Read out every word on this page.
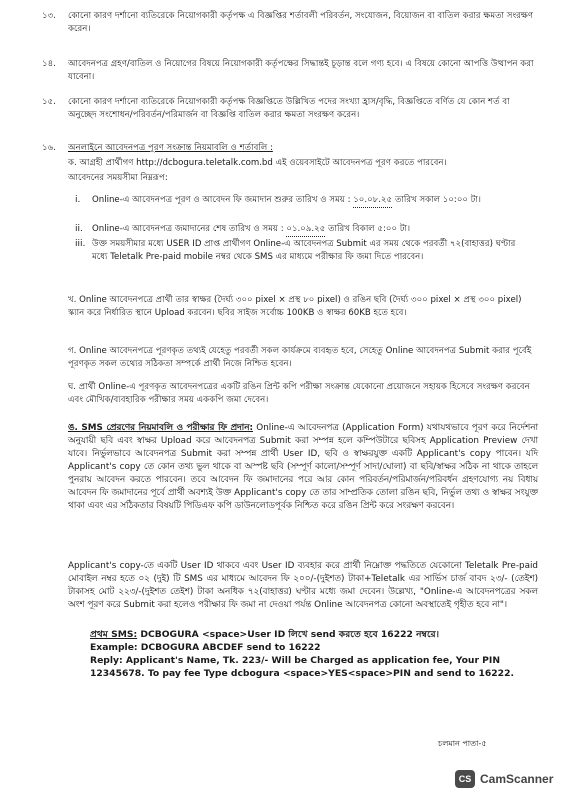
১৩. কোনো কারণ দর্শানো ব্যতিরেকে নিয়োগকারী কর্তৃপক্ষ এ বিজ্ঞপ্তির শর্তাবলী পরিবর্তন, সংযোজন, বিয়োজন বা বাতিল করার ক্ষমতা সংরক্ষণ করেন।
১৪. আবেদনপত্র গ্রহণ/বাতিল ও নিয়োগের বিষয়ে নিয়োগকারী কর্তৃপক্ষের সিদ্ধান্তই চূড়ান্ত বলে গণ্য হবে। এ বিষয়ে কোনো আপত্তি উত্থাপন করা যাবেনা।
১৫. কোনো কারণ দর্শানো ব্যতিরেকে নিয়োগকারী কর্তৃপক্ষ বিজ্ঞপ্তিতে উল্লিখিত পদের সংখ্যা হ্রাস/বৃদ্ধি, বিজ্ঞপ্তিতে বর্ণিত যে কোন শর্ত বা অনুচ্ছেদ সংশোধন/পরিবর্তন/পরিমার্জন বা বিজ্ঞপ্তি বাতিল করার ক্ষমতা সংরক্ষণ করেন।
১৬. অনলাইনে আবেদনপত্র পূরণ সংক্রান্ত নিয়মাবলি ও শর্তাবলি :
ক. আগ্রহী প্রার্থীগণ http://dcbogura.teletalk.com.bd এই ওয়েবসাইটে আবেদনপত্র পূরণ করতে পারবেন।
আবেদনের সময়সীমা নিম্নরূপ:
i. Online-এ আবেদনপত্র পূরণ ও আবেদন ফি জমাদান শুরুর তারিখ ও সময় : ১০.০৮.২৫ তারিখ সকাল ১০:০০ টা।
ii. Online-এ আবেদনপত্র জমাদানের শেষ তারিখ ও সময় : ০১.০৯.২৫ তারিখ বিকাল ৫:০০ টা।
iii. উক্ত সময়সীমার মধ্যে USER ID প্রাপ্ত প্রার্থীগণ Online-এ আবেদনপত্র Submit এর সময় থেকে পরবর্তী ৭২(বাহাত্তর) ঘণ্টার মধ্যে Teletalk Pre-paid mobile নম্বর থেকে SMS এর মাধ্যমে পরীক্ষার ফি জমা দিতে পারবেন।
খ. Online আবেদনপত্রে প্রার্থী তার স্বাক্ষর (দৈর্ঘ্য ৩০০ pixel × প্রস্থ ৮০ pixel) ও রঙিন ছবি (দৈর্ঘ্য ৩০০ pixel × প্রস্থ ৩০০ pixel) স্ক্যান করে নির্ধারিত স্থানে Upload করবেন। ছবির সাইজ সর্বোচ্চ 100KB ও স্বাক্ষর 60KB হতে হবে।
গ. Online আবেদনপত্রে পূরণকৃত তথ্যই যেহেতু পরবর্তী সকল কার্যক্রমে ব্যবহৃত হবে, সেহেতু Online আবেদনপত্র Submit করার পূর্বেই পূরণকৃত সকল তথ্যের সঠিকতা সম্পর্কে প্রার্থী নিজে নিশ্চিত হবেন।
ঘ. প্রার্থী Online-এ পূরণকৃত আবেদনপত্রের একটি রঙিন প্রিন্ট কপি পরীক্ষা সংক্রান্ত যেকোনো প্রয়োজনে সহায়ক হিসেবে সংরক্ষণ করবেন এবং মৌখিক/ব্যবহারিক পরীক্ষার সময় এককপি জমা দেবেন।
ঙ. SMS প্রেরণের নিয়মাবলি ও পরীক্ষার ফি প্রদান: Online-এ আবেদনপত্র (Application Form) যথাযথভাবে পূরণ করে নির্দেশনা অনুযায়ী ছবি এবং স্বাক্ষর Upload করে আবেদনপত্র Submit করা সম্পন্ন হলে কম্পিউটারে ছবিসহ Application Preview দেখা যাবে। নির্ভুলভাবে আবেদনপত্র Submit করা সম্পন্ন প্রার্থী User ID, ছবি ও স্বাক্ষরযুক্ত একটি Applicant's copy পাবেন। যদি Applicant's copy তে কোন তথ্য ভুল থাকে বা অস্পষ্ট ছবি (সম্পূর্ণ কালো/সম্পূর্ণ সাদা/ঘোলা) বা ছবি/স্বাক্ষর সঠিক না থাকে তাহলে পুনরায় আবেদন করতে পারবেন। তবে আবেদন ফি জমাদানের পরে আর কোন পরিবর্তন/পরিমার্জন/পরিবর্ধন গ্রহণযোগ্য নয় বিধায় আবেদন ফি জমাদানের পূর্বে প্রার্থী অবশ্যই উক্ত Applicant's copy তে তার সাম্প্রতিক তোলা রঙিন ছবি, নির্ভুল তথ্য ও স্বাক্ষর সংযুক্ত থাকা এবং এর সঠিকতার বিষয়টি পিডিএফ কপি ডাউনলোডপূর্বক নিশ্চিত করে রঙিন প্রিন্ট করে সংরক্ষণ করবেন।
Applicant's copy-তে একটি User ID থাকবে এবং User ID ব্যবহার করে প্রার্থী নিম্নোক্ত পদ্ধতিতে যেকোনো Teletalk Pre-paid মোবাইল নম্বর হতে ০২ (দুই) টি SMS এর মাধ্যমে আবেদন ফি ২০০/-(দুইশত) টাকা+Teletalk এর সার্ভিস চার্জ বাবদ ২৩/- (তেইশ) টাকাসহ মোট ২২৩/-(দুইশত তেইশ) টাকা অনধিক ৭২(বাহাত্তর) ঘণ্টার মধ্যে জমা দেবেন। উল্লেখ্য, "Online-এ আবেদনপত্রের সকল অংশ পূরণ করে Submit করা হলেও পরীক্ষার ফি জমা না দেওয়া পর্যন্ত Online আবেদনপত্র কোনো অবস্থাতেই গৃহীত হবে না"।
প্রথম SMS: DCBOGURA <space>User ID লিখে send করতে হবে 16222 নম্বরে।
Example: DCBOGURA ABCDEF send to 16222
Reply: Applicant's Name, Tk. 223/- Will be Charged as application fee, Your PIN 12345678. To pay fee Type dcbogura <space>YES<space>PIN and send to 16222.
চলমান পাতা-৫
CS CamScanner
